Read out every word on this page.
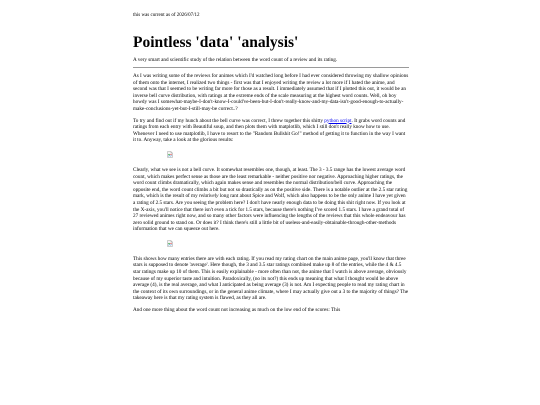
this was current as of 2026/07/12

Pointless 'data' 'analysis'

A very smart and scientific study of the relation between the word count of a review and its rating.

As I was writing some of the reviews for animes which I'd watched long before I had ever considered throwing my shallow opinions of them onto the internet, I realized two things - first was that I enjoyed writing the review a lot more if I hated the anime, and second was that I seemed to be writing far more for those as a result. I immediately assumed that if I plotted this out, it would be an inverse bell curve distribution, with ratings at the extreme ends of the scale measuring at the highest word counts. Well, oh boy howdy was I somewhat-maybe-I-don't-know-I-could've-been-but-I-don't-really-know-and-my-data-isn't-good-enough-to-actually-make-conclusions-yet-but-I-still-may-be correct..?

To try and find out if my hunch about the bell curve was correct, I threw together this shitty python script. It grabs word counts and ratings from each entry with Beautiful soup, and then plots them with matplotlib, which I still don't really know how to use. Whenever I need to use matplotlib, I have to resort to the "Random Bullshit Go!" method of getting it to function in the way I want it to. Anyway, take a look at the glorious results:

Clearly, what we see is not a bell curve. It somewhat resembles one, though, at least. The 3 - 3.5 range has the lowest average word count, which makes perfect sense as those are the least remarkable - neither positive nor negative. Approaching higher ratings, the word count climbs dramatically, which again makes sense and resembles the normal distribution/bell curve. Approaching the opposite end, the word count climbs a bit but not so drastically as on the positive side. There is a notable outlier at the 2.5 star rating mark, which is the result of my relatively long rant about Spice and Wolf, which also happens to be the only anime I have yet given a rating of 2.5 stars. Are you seeing the problem here? I don't have nearly enough data to be doing this shit right now. If you look at the X-axis, you'll notice that there isn't even a tick for 1.5 stars, because there's nothing I've scored 1.5 stars. I have a grand total of 27 reviewed animes right now, and so many other factors were influencing the lengths of the reviews that this whole endeavour has zero solid ground to stand on. Or does it? I think there's still a little bit of useless-and-easily-obtainable-through-other-methods information that we can squeeze out here.

This shows how many entries there are with each rating. If you read my rating chart on the main anime page, you'll know that three stars is supposed to denote 'average'. Here though, the 3 and 3.5 star ratings combined make up 8 of the entries, while the 4 & 4.5 star ratings make up 10 of them. This is easily explainable - more often than not, the anime that I watch is above average, obviously because of my superior taste and intuition. Paradoxically, (no its not?) this ends up meaning that what I thought would be above average (4), is the real average, and what I anticipated as being average (3) is not. Am I expecting people to read my rating chart in the context of its own surroundings, or in the general anime climate, where I may actually give out a 3 to the majority of things? The takeaway here is that my rating system is flawed, as they all are.

And one more thing about the word count not increasing as much on the low end of the scores: This
